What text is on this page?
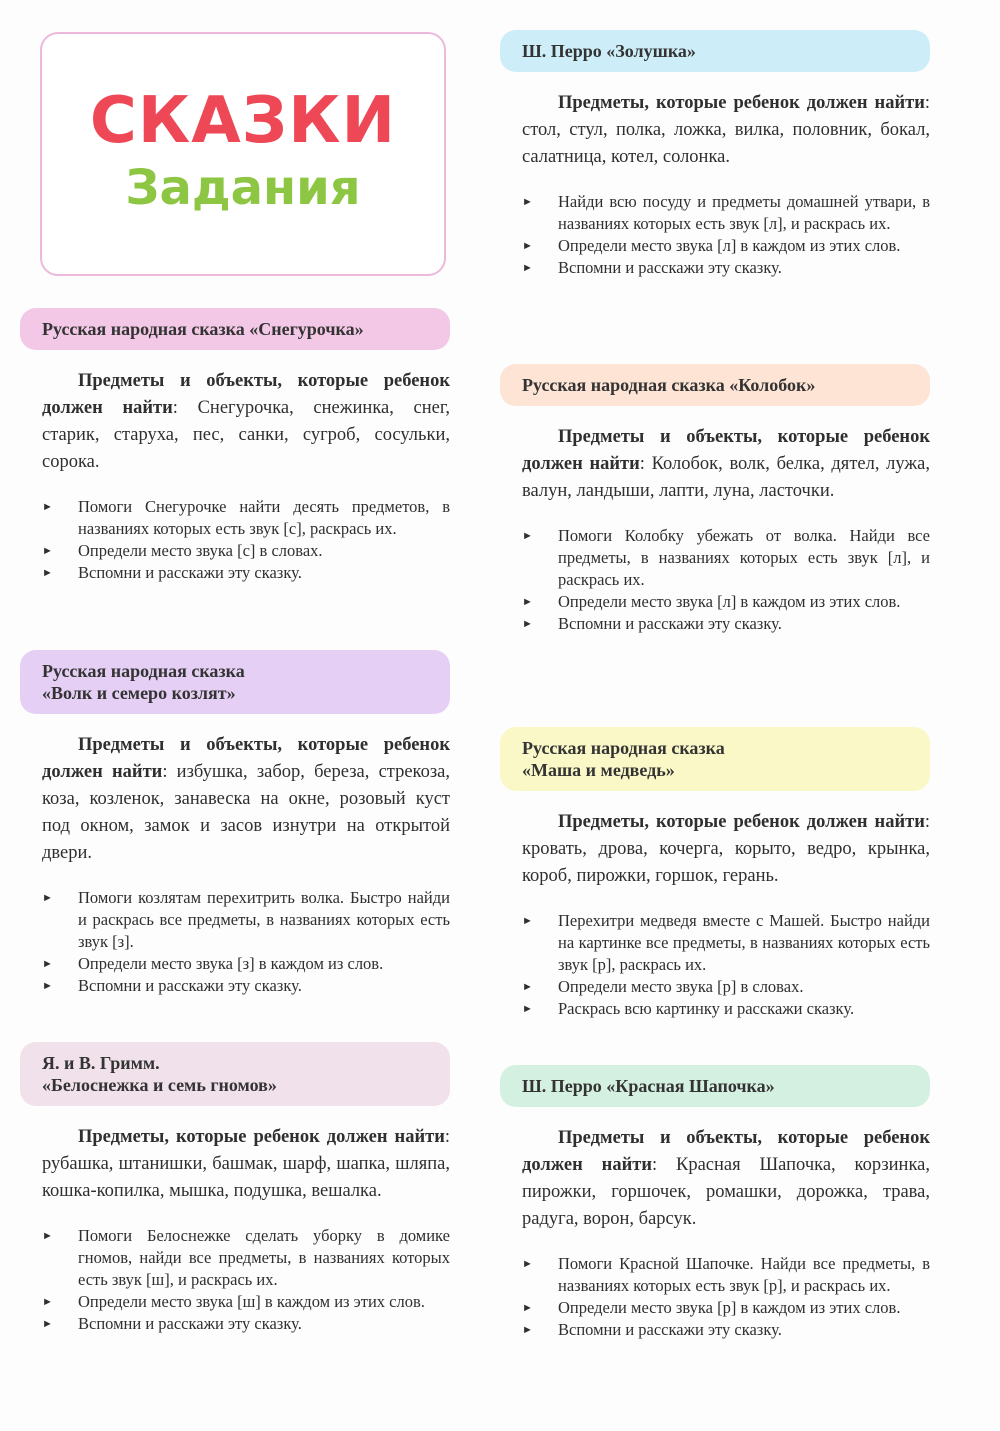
СКАЗКИ
Задания
Русская народная сказка «Снегурочка»

Предметы и объекты, которые ребенок должен найти: Снегурочка, снежинка, снег, старик, старуха, пес, санки, сугроб, сосульки, сорока.

► Помоги Снегурочке найти десять предметов, в названиях которых есть звук [с], раскрась их.
► Определи место звука [с] в словах.
► Вспомни и расскажи эту сказку.
Русская народная сказка
«Волк и семеро козлят»

Предметы и объекты, которые ребенок должен найти: избушка, забор, береза, стрекоза, коза, козленок, занавеска на окне, розовый куст под окном, замок и засов изнутри на открытой двери.

► Помоги козлятам перехитрить волка. Быстро найди и раскрась все предметы, в названиях которых есть звук [з].
► Определи место звука [з] в каждом из слов.
► Вспомни и расскажи эту сказку.
Я. и В. Гримм.
«Белоснежка и семь гномов»

Предметы, которые ребенок должен найти: рубашка, штанишки, башмак, шарф, шапка, шляпа, кошка-копилка, мышка, подушка, вешалка.

► Помоги Белоснежке сделать уборку в домике гномов, найди все предметы, в названиях которых есть звук [ш], и раскрась их.
► Определи место звука [ш] в каждом из этих слов.
► Вспомни и расскажи эту сказку.
Ш. Перро «Золушка»

Предметы, которые ребенок должен найти: стол, стул, полка, ложка, вилка, половник, бокал, салатница, котел, солонка.

► Найди всю посуду и предметы домашней утвари, в названиях которых есть звук [л], и раскрась их.
► Определи место звука [л] в каждом из этих слов.
► Вспомни и расскажи эту сказку.
Русская народная сказка «Колобок»

Предметы и объекты, которые ребенок должен найти: Колобок, волк, белка, дятел, лужа, валун, ландыши, лапти, луна, ласточки.

► Помоги Колобку убежать от волка. Найди все предметы, в названиях которых есть звук [л], и раскрась их.
► Определи место звука [л] в каждом из этих слов.
► Вспомни и расскажи эту сказку.
Русская народная сказка
«Маша и медведь»

Предметы, которые ребенок должен найти: кровать, дрова, кочерга, корыто, ведро, крынка, короб, пирожки, горшок, герань.

► Перехитри медведя вместе с Машей. Быстро найди на картинке все предметы, в названиях которых есть звук [р], раскрась их.
► Определи место звука [р] в словах.
► Раскрась всю картинку и расскажи сказку.
Ш. Перро «Красная Шапочка»

Предметы и объекты, которые ребенок должен найти: Красная Шапочка, корзинка, пирожки, горшочек, ромашки, дорожка, трава, радуга, ворон, барсук.

► Помоги Красной Шапочке. Найди все предметы, в названиях которых есть звук [р], и раскрась их.
► Определи место звука [р] в каждом из этих слов.
► Вспомни и расскажи эту сказку.
